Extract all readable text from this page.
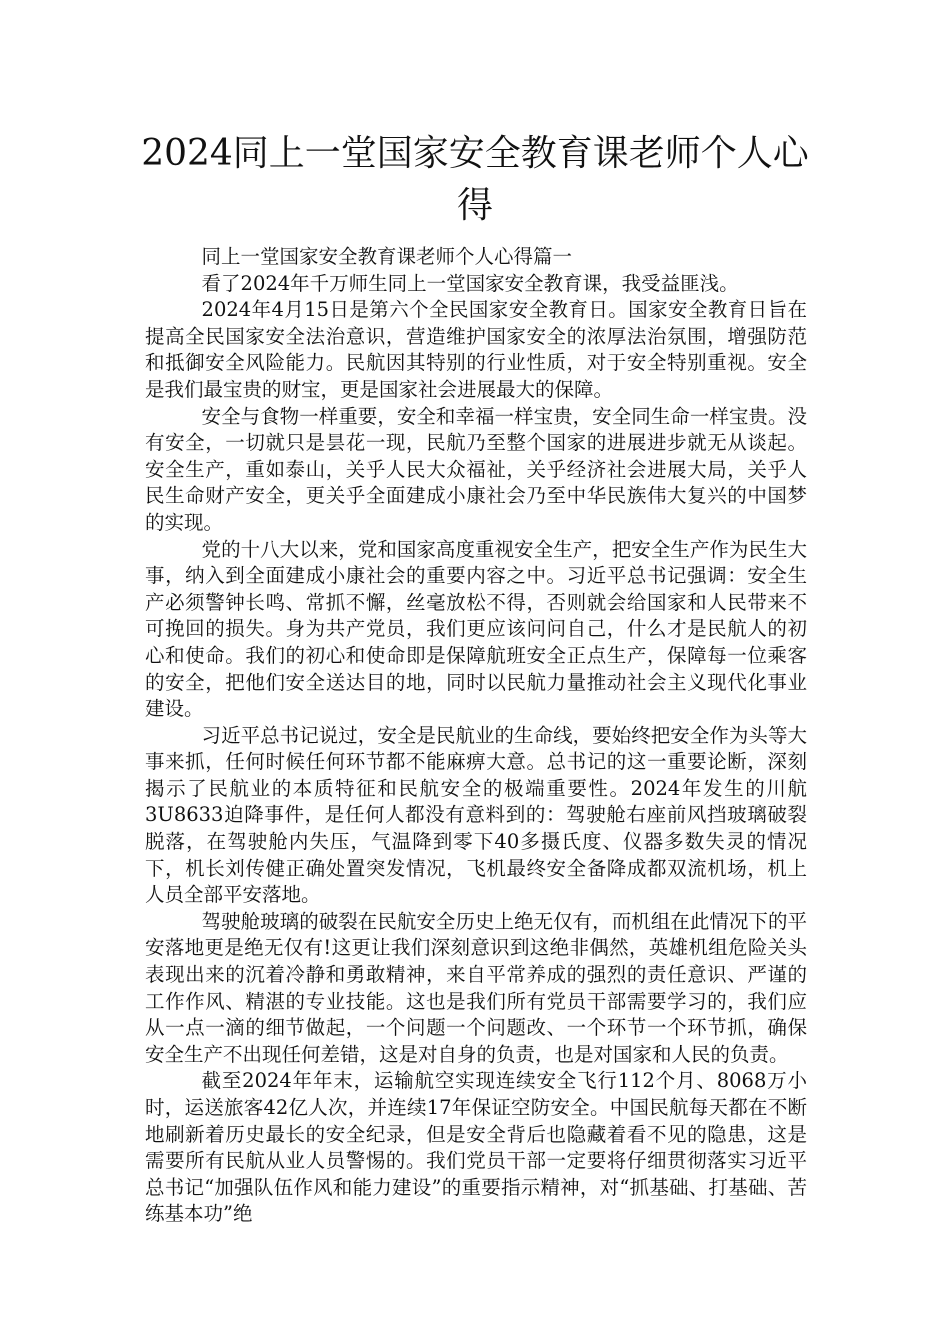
2024同上一堂国家安全教育课老师个人心得

同上一堂国家安全教育课老师个人心得篇一

看了2024年千万师生同上一堂国家安全教育课，我受益匪浅。

2024年4月15日是第六个全民国家安全教育日。国家安全教育日旨在提高全民国家安全法治意识，营造维护国家安全的浓厚法治氛围，增强防范和抵御安全风险能力。民航因其特别的行业性质，对于安全特别重视。安全是我们最宝贵的财宝，更是国家社会进展最大的保障。

安全与食物一样重要，安全和幸福一样宝贵，安全同生命一样宝贵。没有安全，一切就只是昙花一现，民航乃至整个国家的进展进步就无从谈起。安全生产，重如泰山，关乎人民大众福祉，关乎经济社会进展大局，关乎人民生命财产安全，更关乎全面建成小康社会乃至中华民族伟大复兴的中国梦的实现。

党的十八大以来，党和国家高度重视安全生产，把安全生产作为民生大事，纳入到全面建成小康社会的重要内容之中。习近平总书记强调：安全生产必须警钟长鸣、常抓不懈，丝毫放松不得，否则就会给国家和人民带来不可挽回的损失。身为共产党员，我们更应该问问自己，什么才是民航人的初心和使命。我们的初心和使命即是保障航班安全正点生产，保障每一位乘客的安全，把他们安全送达目的地，同时以民航力量推动社会主义现代化事业建设。

习近平总书记说过，安全是民航业的生命线，要始终把安全作为头等大事来抓，任何时候任何环节都不能麻痹大意。总书记的这一重要论断，深刻揭示了民航业的本质特征和民航安全的极端重要性。2024年发生的川航3U8633迫降事件，是任何人都没有意料到的：驾驶舱右座前风挡玻璃破裂脱落，在驾驶舱内失压，气温降到零下40多摄氏度、仪器多数失灵的情况下，机长刘传健正确处置突发情况，飞机最终安全备降成都双流机场，机上人员全部平安落地。

驾驶舱玻璃的破裂在民航安全历史上绝无仅有，而机组在此情况下的平安落地更是绝无仅有!这更让我们深刻意识到这绝非偶然，英雄机组危险关头表现出来的沉着冷静和勇敢精神，来自平常养成的强烈的责任意识、严谨的工作作风、精湛的专业技能。这也是我们所有党员干部需要学习的，我们应从一点一滴的细节做起，一个问题一个问题改、一个环节一个环节抓，确保安全生产不出现任何差错，这是对自身的负责，也是对国家和人民的负责。

截至2024年年末，运输航空实现连续安全飞行112个月、8068万小时，运送旅客42亿人次，并连续17年保证空防安全。中国民航每天都在不断地刷新着历史最长的安全纪录，但是安全背后也隐藏着看不见的隐患，这是需要所有民航从业人员警惕的。我们党员干部一定要将仔细贯彻落实习近平总书记“加强队伍作风和能力建设”的重要指示精神，对“抓基础、打基础、苦练基本功”绝
